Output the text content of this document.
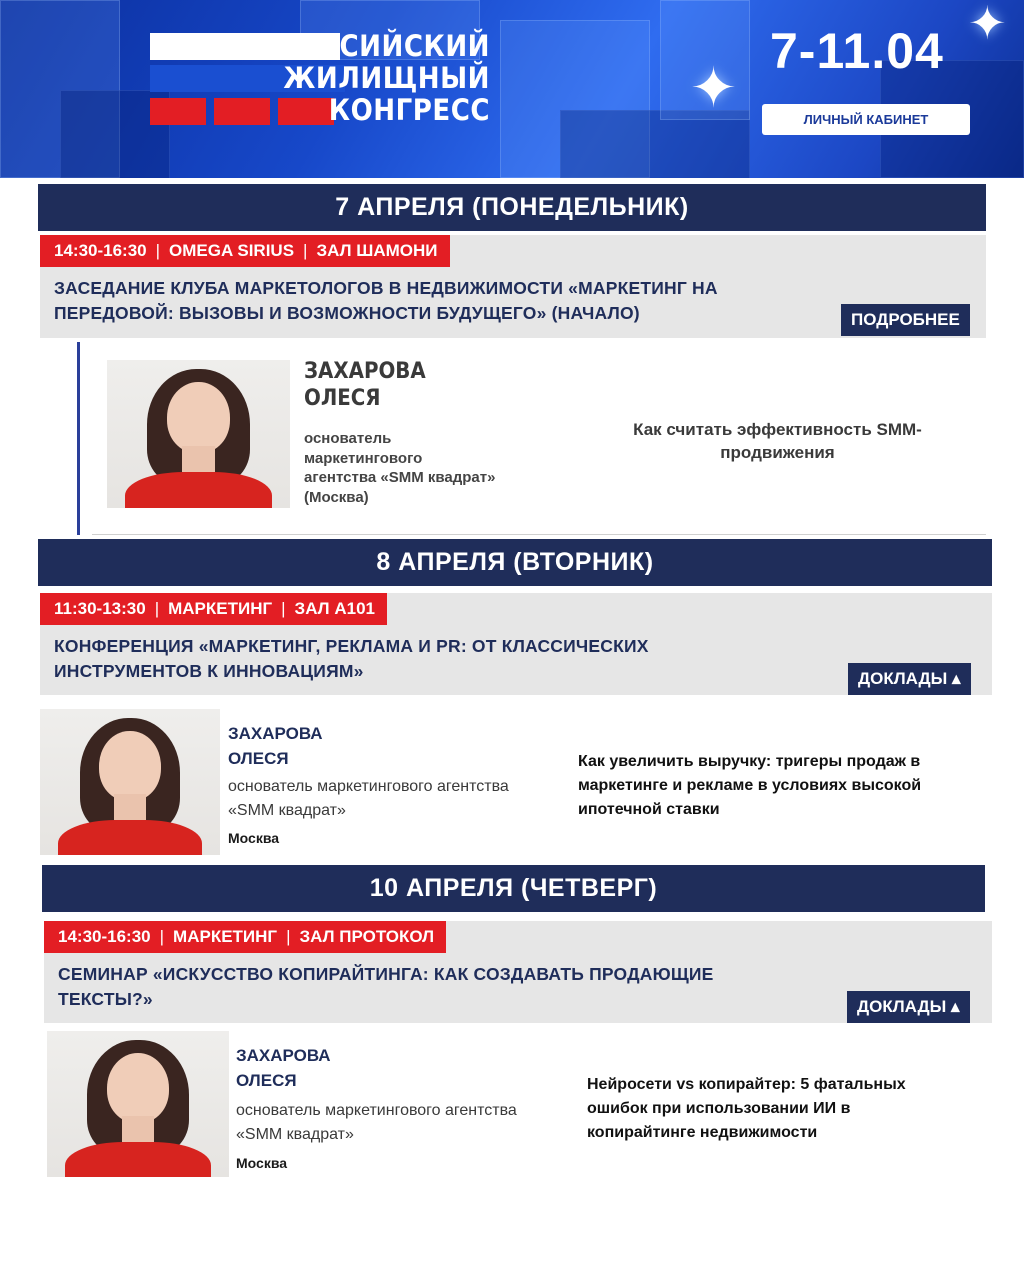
ВСЕРОССИЙСКИЙ
ЖИЛИЩНЫЙ
КОНГРЕСС	✦
✦
7-11.04
ЛИЧНЫЙ КАБИНЕТ
7 АПРЕЛЯ (ПОНЕДЕЛЬНИК)
14:30-16:30 | OMEGA SIRIUS | ЗАЛ ШАМОНИ
ЗАСЕДАНИЕ КЛУБА МАРКЕТОЛОГОВ В НЕДВИЖИМОСТИ «МАРКЕТИНГ НА
ПЕРЕДОВОЙ: ВЫЗОВЫ И ВОЗМОЖНОСТИ БУДУЩЕГО» (НАЧАЛО)	ПОДРОБНЕЕ
ЗАХАРОВА
ОЛЕСЯ
основатель
маркетингового
агентства «SMM квадрат»
(Москва)
Как считать эффективность SMM-
продвижения
8 АПРЕЛЯ (ВТОРНИК)
11:30-13:30 | МАРКЕТИНГ | ЗАЛ А101
КОНФЕРЕНЦИЯ «МАРКЕТИНГ, РЕКЛАМА И PR: ОТ КЛАССИЧЕСКИХ
ИНСТРУМЕНТОВ К ИННОВАЦИЯМ»	ДОКЛАДЫ ▴
ЗАХАРОВА
ОЛЕСЯ
основатель маркетингового агентства
«SMM квадрат»
Москва
Как увеличить выручку: тригеры продаж в
маркетинге и рекламе в условиях высокой
ипотечной ставки
10 АПРЕЛЯ (ЧЕТВЕРГ)
14:30-16:30 | МАРКЕТИНГ | ЗАЛ ПРОТОКОЛ
СЕМИНАР «ИСКУССТВО КОПИРАЙТИНГА: КАК СОЗДАВАТЬ ПРОДАЮЩИЕ
ТЕКСТЫ?»	ДОКЛАДЫ ▴
ЗАХАРОВА
ОЛЕСЯ
основатель маркетингового агентства
«SMM квадрат»
Москва
Нейросети vs копирайтер: 5 фатальных
ошибок при использовании ИИ в
копирайтинге недвижимости
